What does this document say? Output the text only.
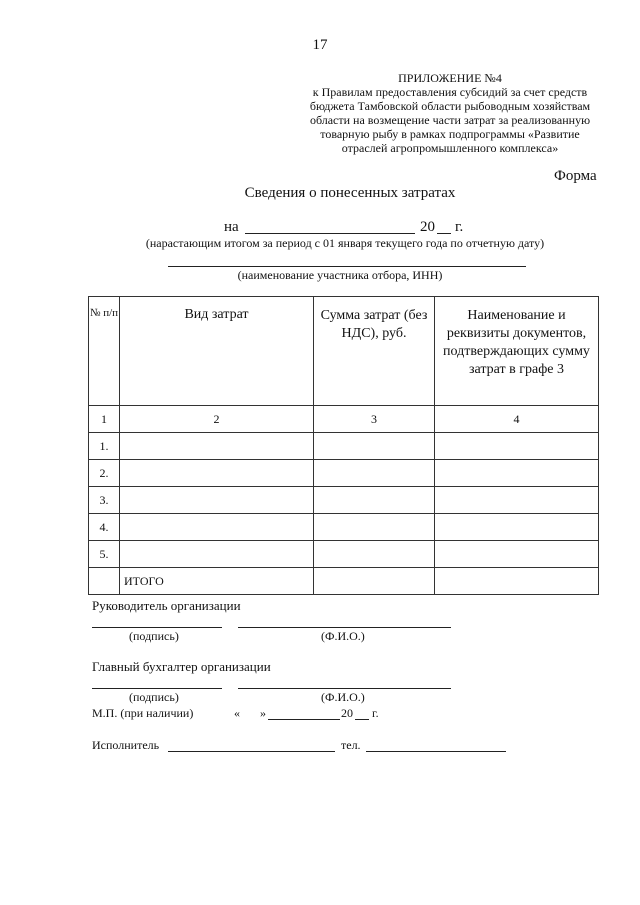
17
ПРИЛОЖЕНИЕ №4
к Правилам предоставления субсидий за счет средств
бюджета Тамбовской области рыбоводным хозяйствам
области на возмещение части затрат за реализованную
товарную рыбу в рамках подпрограммы «Развитие
отраслей агропромышленного комплекса»
Форма
Сведения о понесенных затратах
на	20 г.
(нарастающим итогом за период с 01 января текущего года по отчетную дату)
(наименование участника отбора, ИНН)
№ п/п	Вид затрат	Сумма затрат (без НДС), руб.	Наименование и реквизиты документов, подтверждающих сумму затрат в графе 3
1	2	3	4
1.			
2.			
3.			
4.			
5.			
	ИТОГО		
Руководитель организации
(подпись)	(Ф.И.О.)
Главный бухгалтер организации
(подпись)	(Ф.И.О.)
М.П. (при наличии)	« »	20 г.
Исполнитель	тел.
